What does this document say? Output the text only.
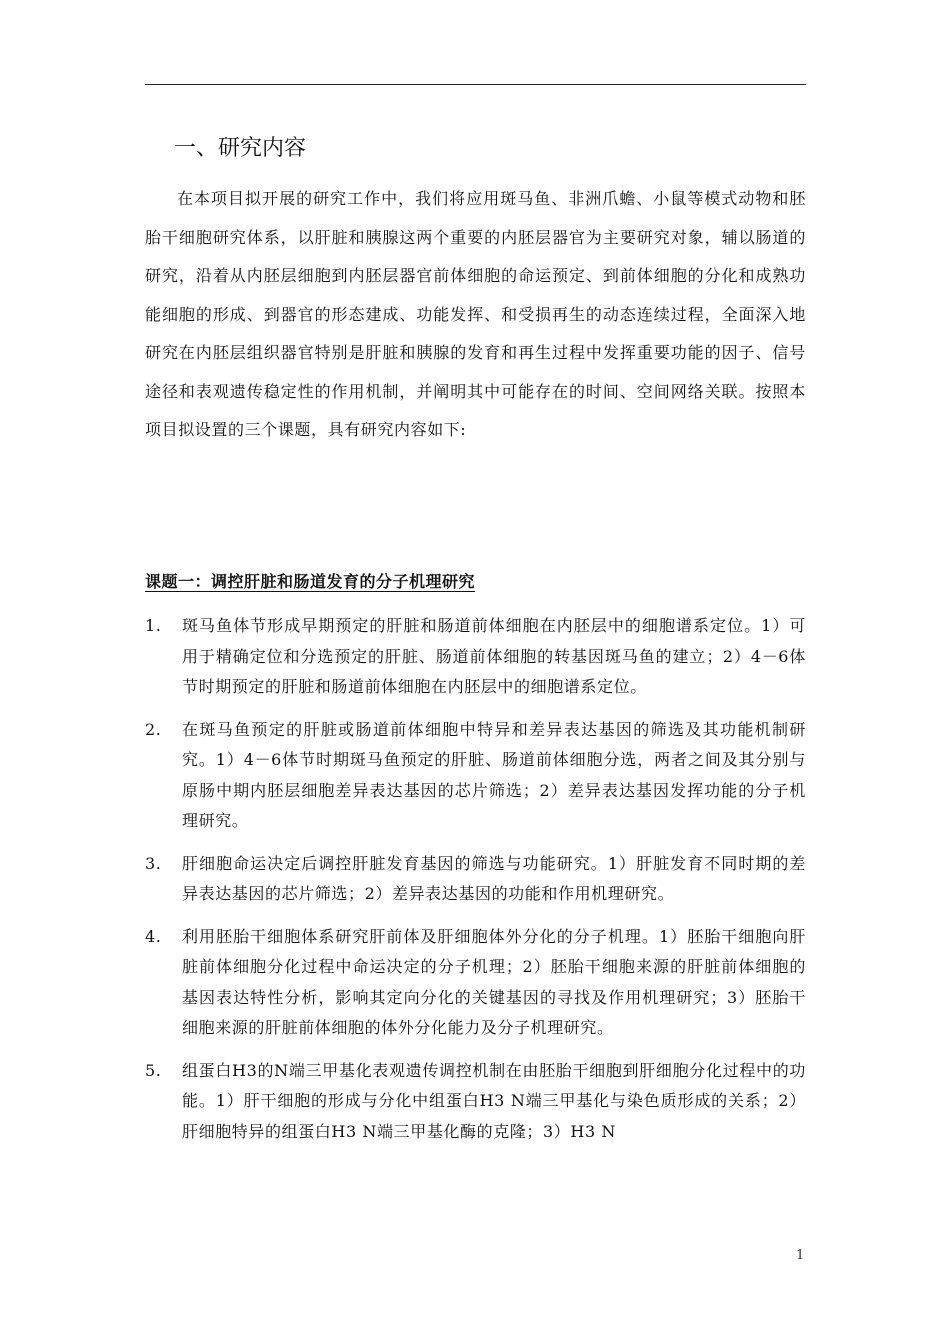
一、研究内容

在本项目拟开展的研究工作中，我们将应用斑马鱼、非洲爪蟾、小鼠等模式动物和胚胎干细胞研究体系，以肝脏和胰腺这两个重要的内胚层器官为主要研究对象，辅以肠道的研究，沿着从内胚层细胞到内胚层器官前体细胞的命运预定、到前体细胞的分化和成熟功能细胞的形成、到器官的形态建成、功能发挥、和受损再生的动态连续过程，全面深入地研究在内胚层组织器官特别是肝脏和胰腺的发育和再生过程中发挥重要功能的因子、信号途径和表观遗传稳定性的作用机制，并阐明其中可能存在的时间、空间网络关联。按照本项目拟设置的三个课题，具有研究内容如下:

课题一：调控肝脏和肠道发育的分子机理研究
1. 斑马鱼体节形成早期预定的肝脏和肠道前体细胞在内胚层中的细胞谱系定位。1）可用于精确定位和分选预定的肝脏、肠道前体细胞的转基因斑马鱼的建立；2）4－6体节时期预定的肝脏和肠道前体细胞在内胚层中的细胞谱系定位。
2. 在斑马鱼预定的肝脏或肠道前体细胞中特异和差异表达基因的筛选及其功能机制研究。1）4－6体节时期斑马鱼预定的肝脏、肠道前体细胞分选，两者之间及其分别与原肠中期内胚层细胞差异表达基因的芯片筛选；2）差异表达基因发挥功能的分子机理研究。
3. 肝细胞命运决定后调控肝脏发育基因的筛选与功能研究。1）肝脏发育不同时期的差异表达基因的芯片筛选；2）差异表达基因的功能和作用机理研究。
4. 利用胚胎干细胞体系研究肝前体及肝细胞体外分化的分子机理。1）胚胎干细胞向肝脏前体细胞分化过程中命运决定的分子机理；2）胚胎干细胞来源的肝脏前体细胞的基因表达特性分析，影响其定向分化的关键基因的寻找及作用机理研究；3）胚胎干细胞来源的肝脏前体细胞的体外分化能力及分子机理研究。
5. 组蛋白H3的N端三甲基化表观遗传调控机制在由胚胎干细胞到肝细胞分化过程中的功能。1）肝干细胞的形成与分化中组蛋白H3 N端三甲基化与染色质形成的关系；2）肝细胞特异的组蛋白H3 N端三甲基化酶的克隆；3）H3 N
1
